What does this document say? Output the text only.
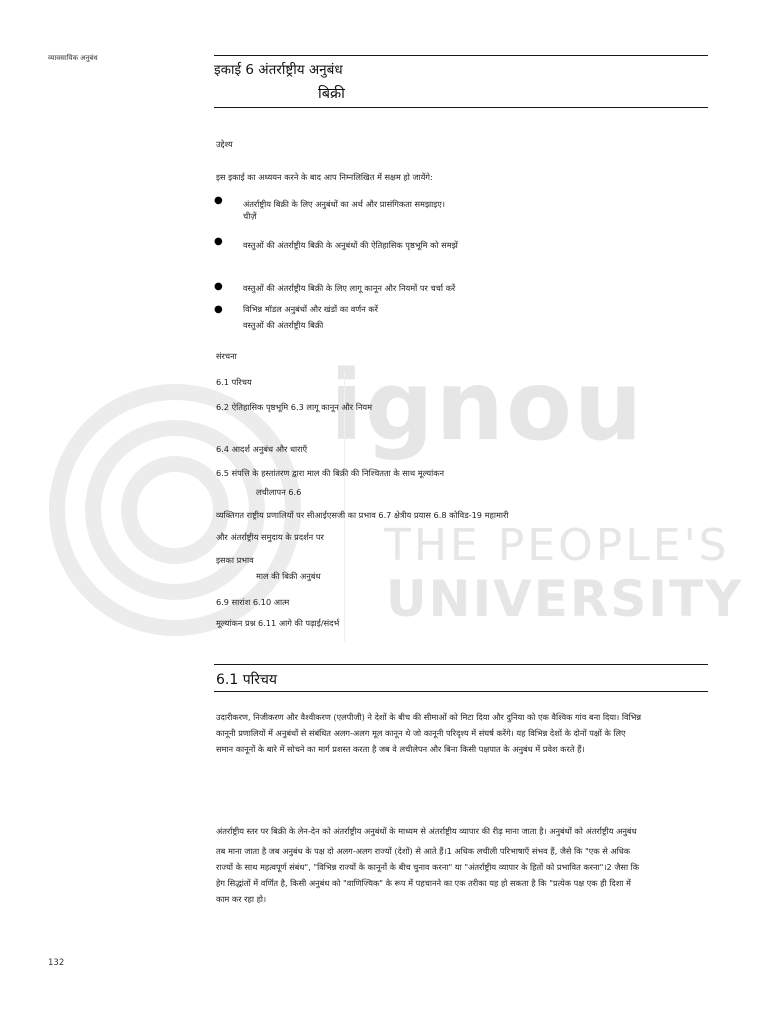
ignou
THE PEOPLE'S
UNIVERSITY
व्यावसायिक अनुबंध
इकाई 6 अंतर्राष्ट्रीय अनुबंध
बिक्री
उद्देश्य
इस इकाई का अध्ययन करने के बाद आप निम्नलिखित में सक्षम हो जायेंगे:
● अंतर्राष्ट्रीय बिक्री के लिए अनुबंधों का अर्थ और प्रासंगिकता समझाइए।
चीज़ें
● वस्तुओं की अंतर्राष्ट्रीय बिक्री के अनुबंधों की ऐतिहासिक पृष्ठभूमि को समझें
● वस्तुओं की अंतर्राष्ट्रीय बिक्री के लिए लागू कानून और नियमों पर चर्चा करें
● विभिन्न मॉडल अनुबंधों और खंडों का वर्णन करें
वस्तुओं की अंतर्राष्ट्रीय बिक्री
संरचना
6.1 परिचय
6.2 ऐतिहासिक पृष्ठभूमि 6.3 लागू कानून और नियम
6.4 आदर्श अनुबंध और धाराएँ
6.5 संपत्ति के हस्तांतरण द्वारा माल की बिक्री की निश्चितता के साथ मूल्यांकन
लचीलापन 6.6
व्यक्तिगत राष्ट्रीय प्रणालियों पर सीआईएसजी का प्रभाव 6.7 क्षेत्रीय प्रयास 6.8 कोविड-19 महामारी
और अंतर्राष्ट्रीय समुदाय के प्रदर्शन पर
इसका प्रभाव
माल की बिक्री अनुबंध
6.9 सारांश 6.10 आत्म
मूल्यांकन प्रश्न 6.11 आगे की पढ़ाई/संदर्भ
6.1 परिचय
उदारीकरण, निजीकरण और वैश्वीकरण (एलपीजी) ने देशों के बीच की सीमाओं को मिटा दिया और दुनिया को एक वैश्विक गांव बना दिया। विभिन्न
कानूनी प्रणालियों में अनुबंधों से संबंधित अलग-अलग मूल कानून थे जो कानूनी परिदृश्य में संघर्ष करेंगे। यह विभिन्न देशों के दोनों पक्षों के लिए
समान कानूनों के बारे में सोचने का मार्ग प्रशस्त करता है जब वे लचीलेपन और बिना किसी पक्षपात के अनुबंध में प्रवेश करते हैं।
अंतर्राष्ट्रीय स्तर पर बिक्री के लेन-देन को अंतर्राष्ट्रीय अनुबंधों के माध्यम से अंतर्राष्ट्रीय व्यापार की रीढ़ माना जाता है। अनुबंधों को अंतर्राष्ट्रीय अनुबंध
तब माना जाता है जब अनुबंध के पक्ष दो अलग-अलग राज्यों (देशों) से आते हैं।1 अधिक लचीली परिभाषाएँ संभव हैं, जैसे कि "एक से अधिक
राज्यों के साथ महत्वपूर्ण संबंध", "विभिन्न राज्यों के कानूनों के बीच चुनाव करना" या "अंतर्राष्ट्रीय व्यापार के हितों को प्रभावित करना"।2 जैसा कि
हेग सिद्धांतों में वर्णित है, किसी अनुबंध को "वाणिज्यिक" के रूप में पहचानने का एक तरीका यह हो सकता है कि "प्रत्येक पक्ष एक ही दिशा में
काम कर रहा हो।
132
